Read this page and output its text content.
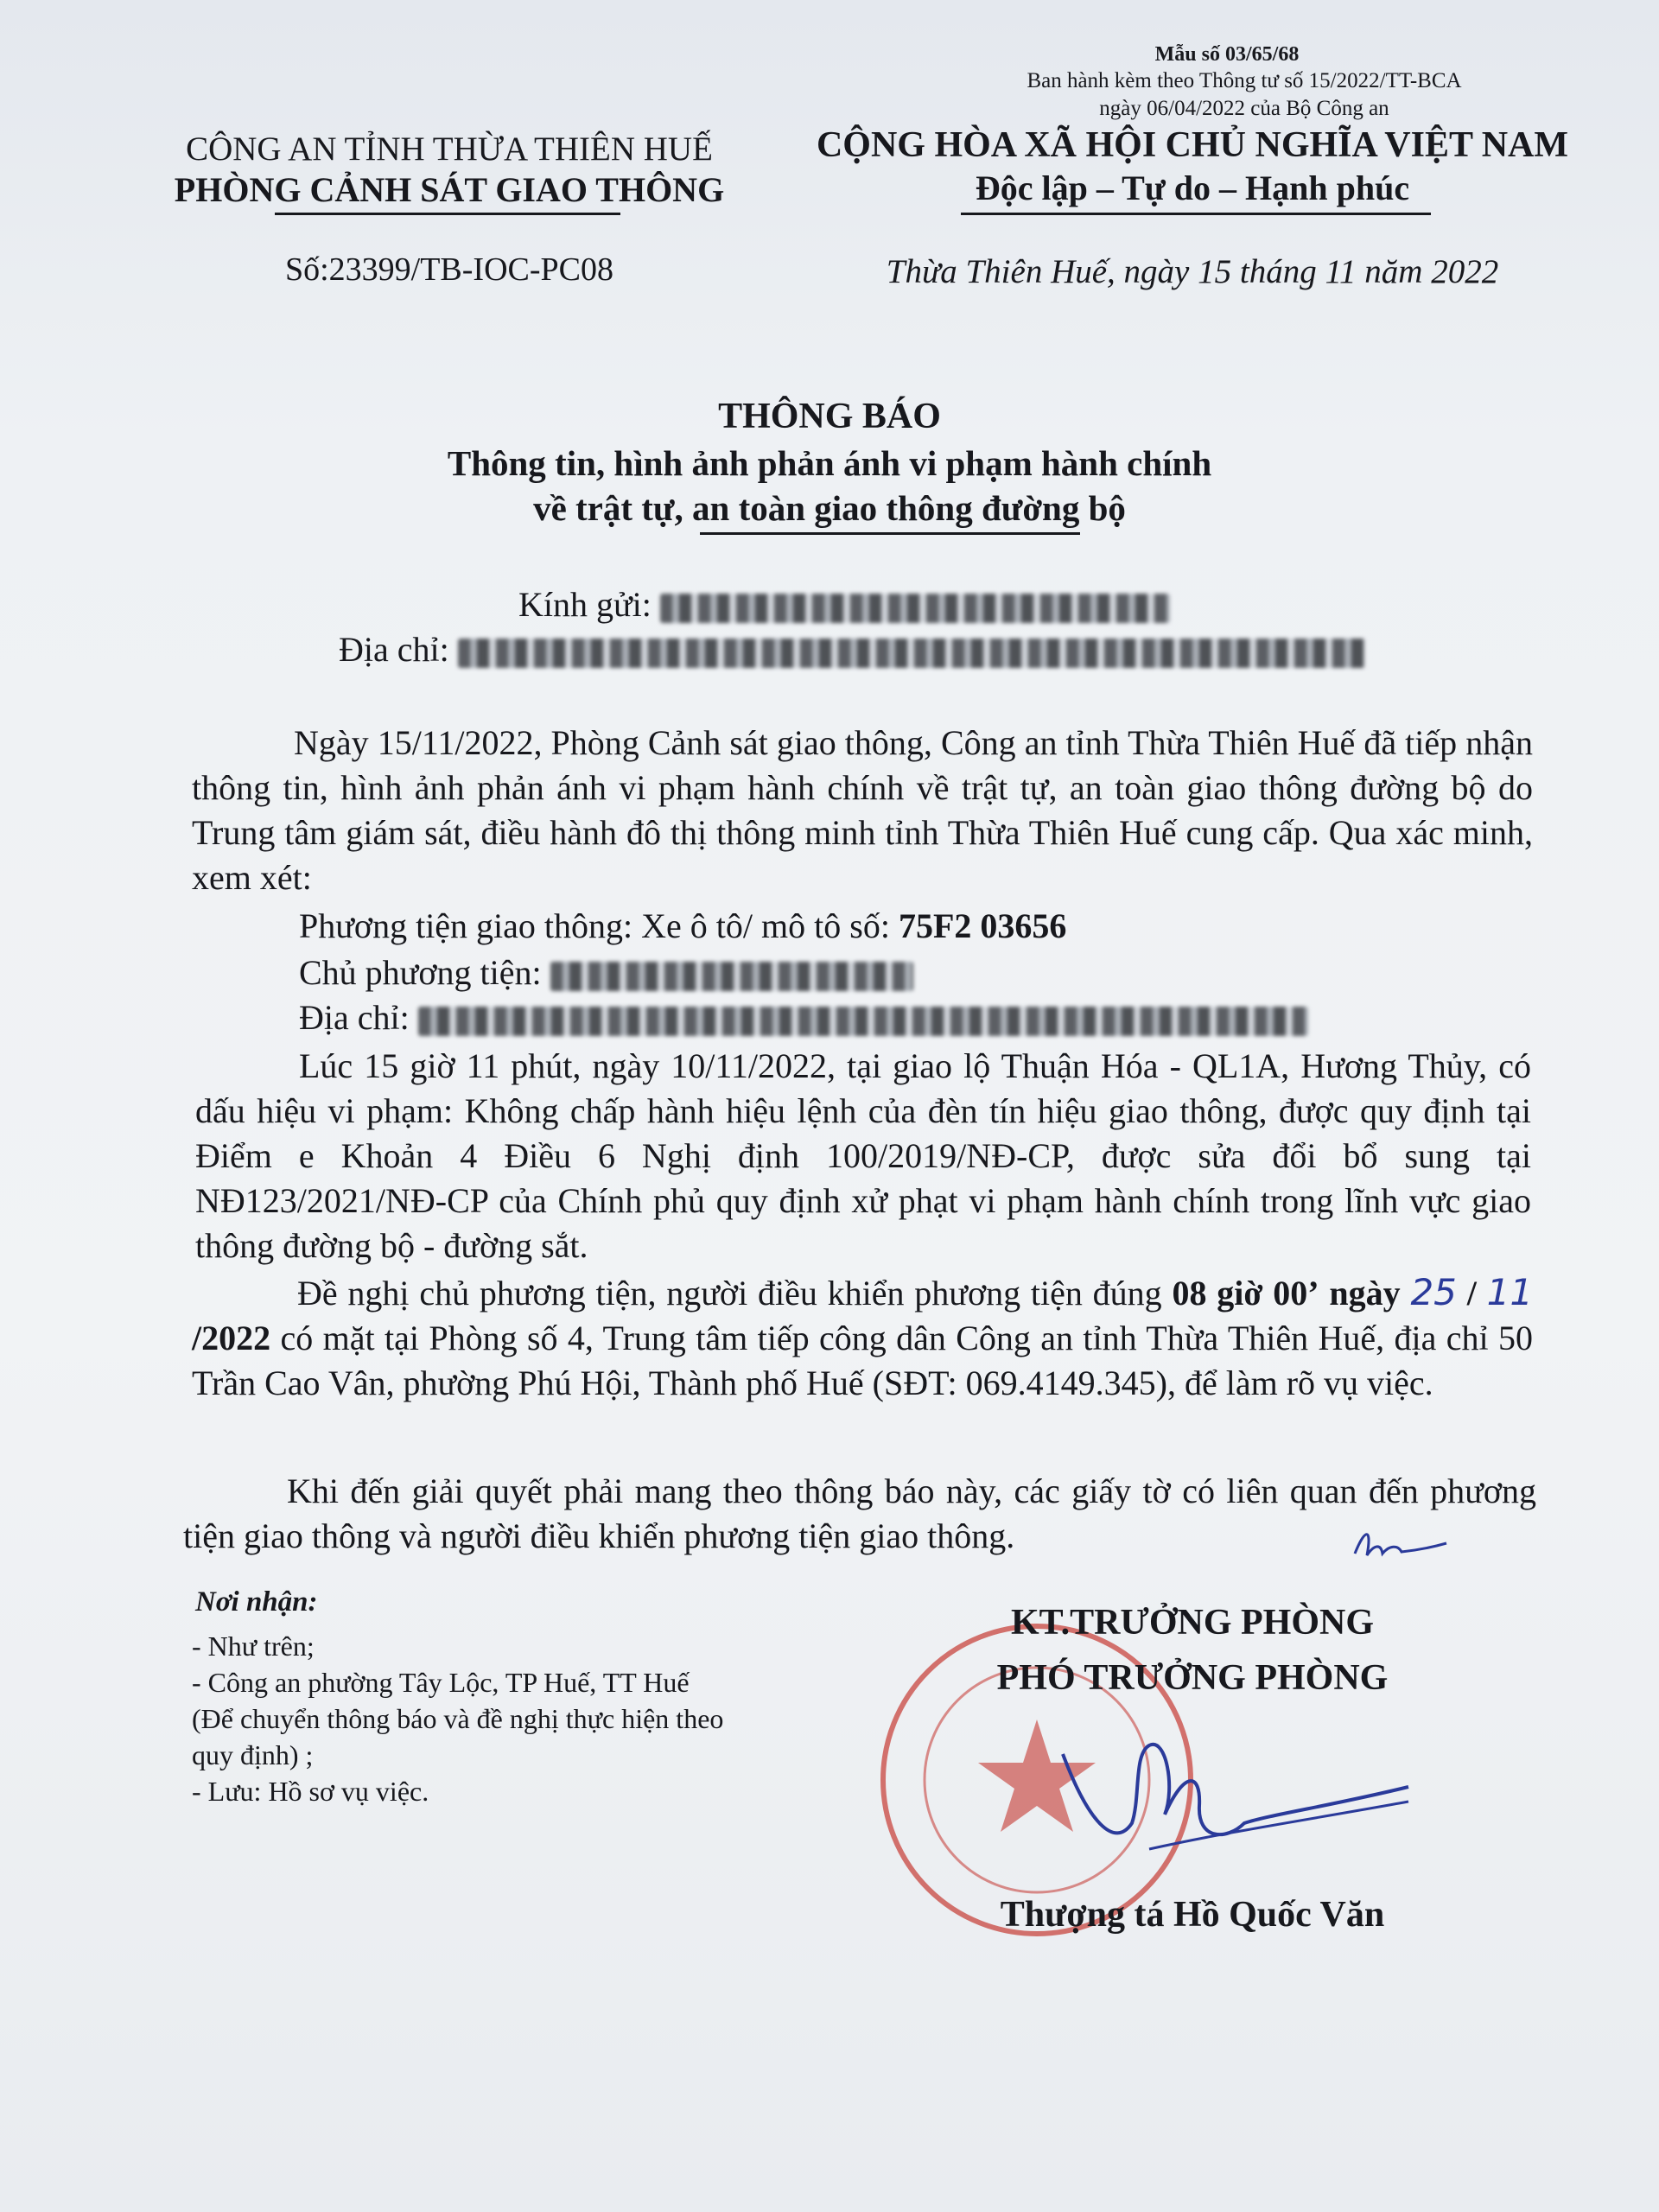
Mẫu số 03/65/68
Ban hành kèm theo Thông tư số 15/2022/TT-BCA
ngày 06/04/2022 của Bộ Công an
CÔNG AN TỈNH THỪA THIÊN HUẾ
PHÒNG CẢNH SÁT GIAO THÔNG
Số:23399/TB-IOC-PC08
CỘNG HÒA XÃ HỘI CHỦ NGHĨA VIỆT NAM
Độc lập – Tự do – Hạnh phúc
Thừa Thiên Huế, ngày 15 tháng 11 năm 2022
THÔNG BÁO
Thông tin, hình ảnh phản ánh vi phạm hành chính
về trật tự, an toàn giao thông đường bộ
Kính gửi:
Địa chỉ:
Ngày 15/11/2022, Phòng Cảnh sát giao thông, Công an tỉnh Thừa Thiên Huế đã tiếp nhận thông tin, hình ảnh phản ánh vi phạm hành chính về trật tự, an toàn giao thông đường bộ do Trung tâm giám sát, điều hành đô thị thông minh tỉnh Thừa Thiên Huế cung cấp. Qua xác minh, xem xét:
Phương tiện giao thông: Xe ô tô/ mô tô số: 75F2 03656
Chủ phương tiện:
Địa chỉ:
Lúc 15 giờ 11 phút, ngày 10/11/2022, tại giao lộ Thuận Hóa - QL1A, Hương Thủy, có dấu hiệu vi phạm: Không chấp hành hiệu lệnh của đèn tín hiệu giao thông, được quy định tại Điểm e Khoản 4 Điều 6 Nghị định 100/2019/NĐ-CP, được sửa đổi bổ sung tại NĐ123/2021/NĐ-CP của Chính phủ quy định xử phạt vi phạm hành chính trong lĩnh vực giao thông đường bộ - đường sắt.
Đề nghị chủ phương tiện, người điều khiển phương tiện đúng 08 giờ 00’ ngày 25 / 11 /2022 có mặt tại Phòng số 4, Trung tâm tiếp công dân Công an tỉnh Thừa Thiên Huế, địa chỉ 50 Trần Cao Vân, phường Phú Hội, Thành phố Huế (SĐT: 069.4149.345), để làm rõ vụ việc.
Khi đến giải quyết phải mang theo thông báo này, các giấy tờ có liên quan đến phương tiện giao thông và người điều khiển phương tiện giao thông.
Nơi nhận:
- Như trên;
- Công an phường Tây Lộc, TP Huế, TT Huế
(Để chuyển thông báo và đề nghị thực hiện theo
quy định) ;
- Lưu: Hồ sơ vụ việc.
KT.TRƯỞNG PHÒNG
PHÓ TRƯỞNG PHÒNG
Thượng tá Hồ Quốc Văn
